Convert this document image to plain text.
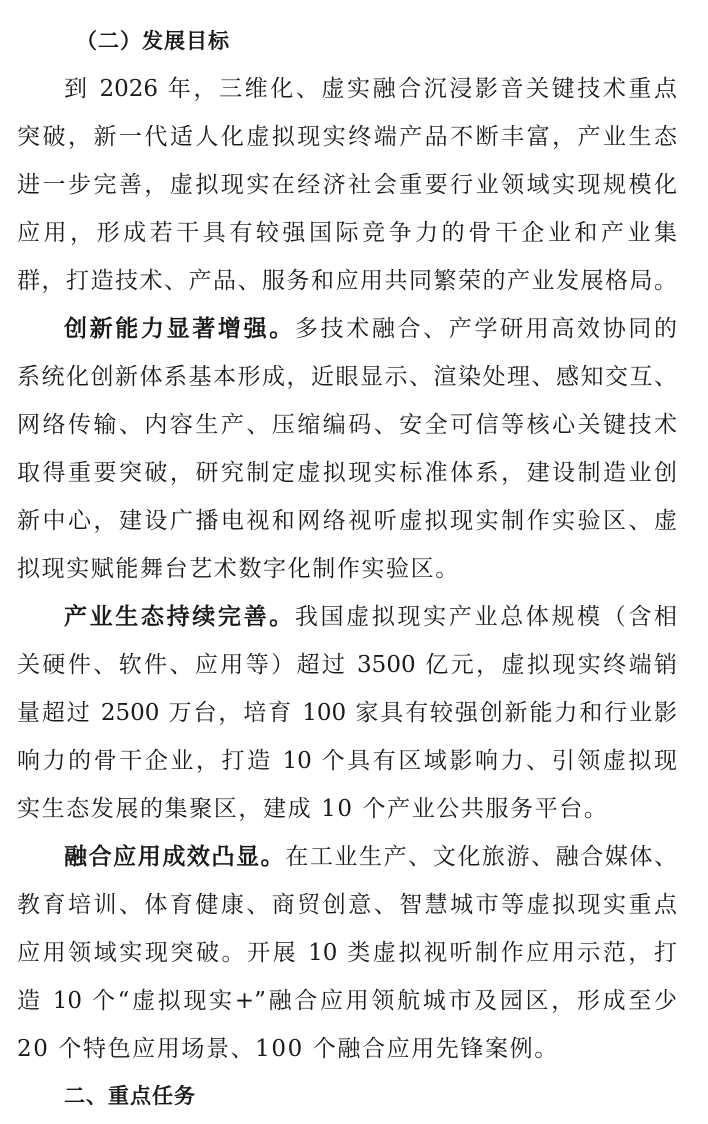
（二）发展目标
到 2026 年，三维化、虚实融合沉浸影音关键技术重点
突破，新一代适人化虚拟现实终端产品不断丰富，产业生态
进一步完善，虚拟现实在经济社会重要行业领域实现规模化
应用，形成若干具有较强国际竞争力的骨干企业和产业集
群，打造技术、产品、服务和应用共同繁荣的产业发展格局。
创新能力显著增强。多技术融合、产学研用高效协同的
系统化创新体系基本形成，近眼显示、渲染处理、感知交互、
网络传输、内容生产、压缩编码、安全可信等核心关键技术
取得重要突破，研究制定虚拟现实标准体系，建设制造业创
新中心，建设广播电视和网络视听虚拟现实制作实验区、虚
拟现实赋能舞台艺术数字化制作实验区。
产业生态持续完善。我国虚拟现实产业总体规模（含相
关硬件、软件、应用等）超过 3500 亿元，虚拟现实终端销
量超过 2500 万台，培育 100 家具有较强创新能力和行业影
响力的骨干企业，打造 10 个具有区域影响力、引领虚拟现
实生态发展的集聚区，建成 10 个产业公共服务平台。
融合应用成效凸显。在工业生产、文化旅游、融合媒体、
教育培训、体育健康、商贸创意、智慧城市等虚拟现实重点
应用领域实现突破。开展 10 类虚拟视听制作应用示范，打
造 10 个“虚拟现实+”融合应用领航城市及园区，形成至少
20 个特色应用场景、100 个融合应用先锋案例。
二、重点任务
